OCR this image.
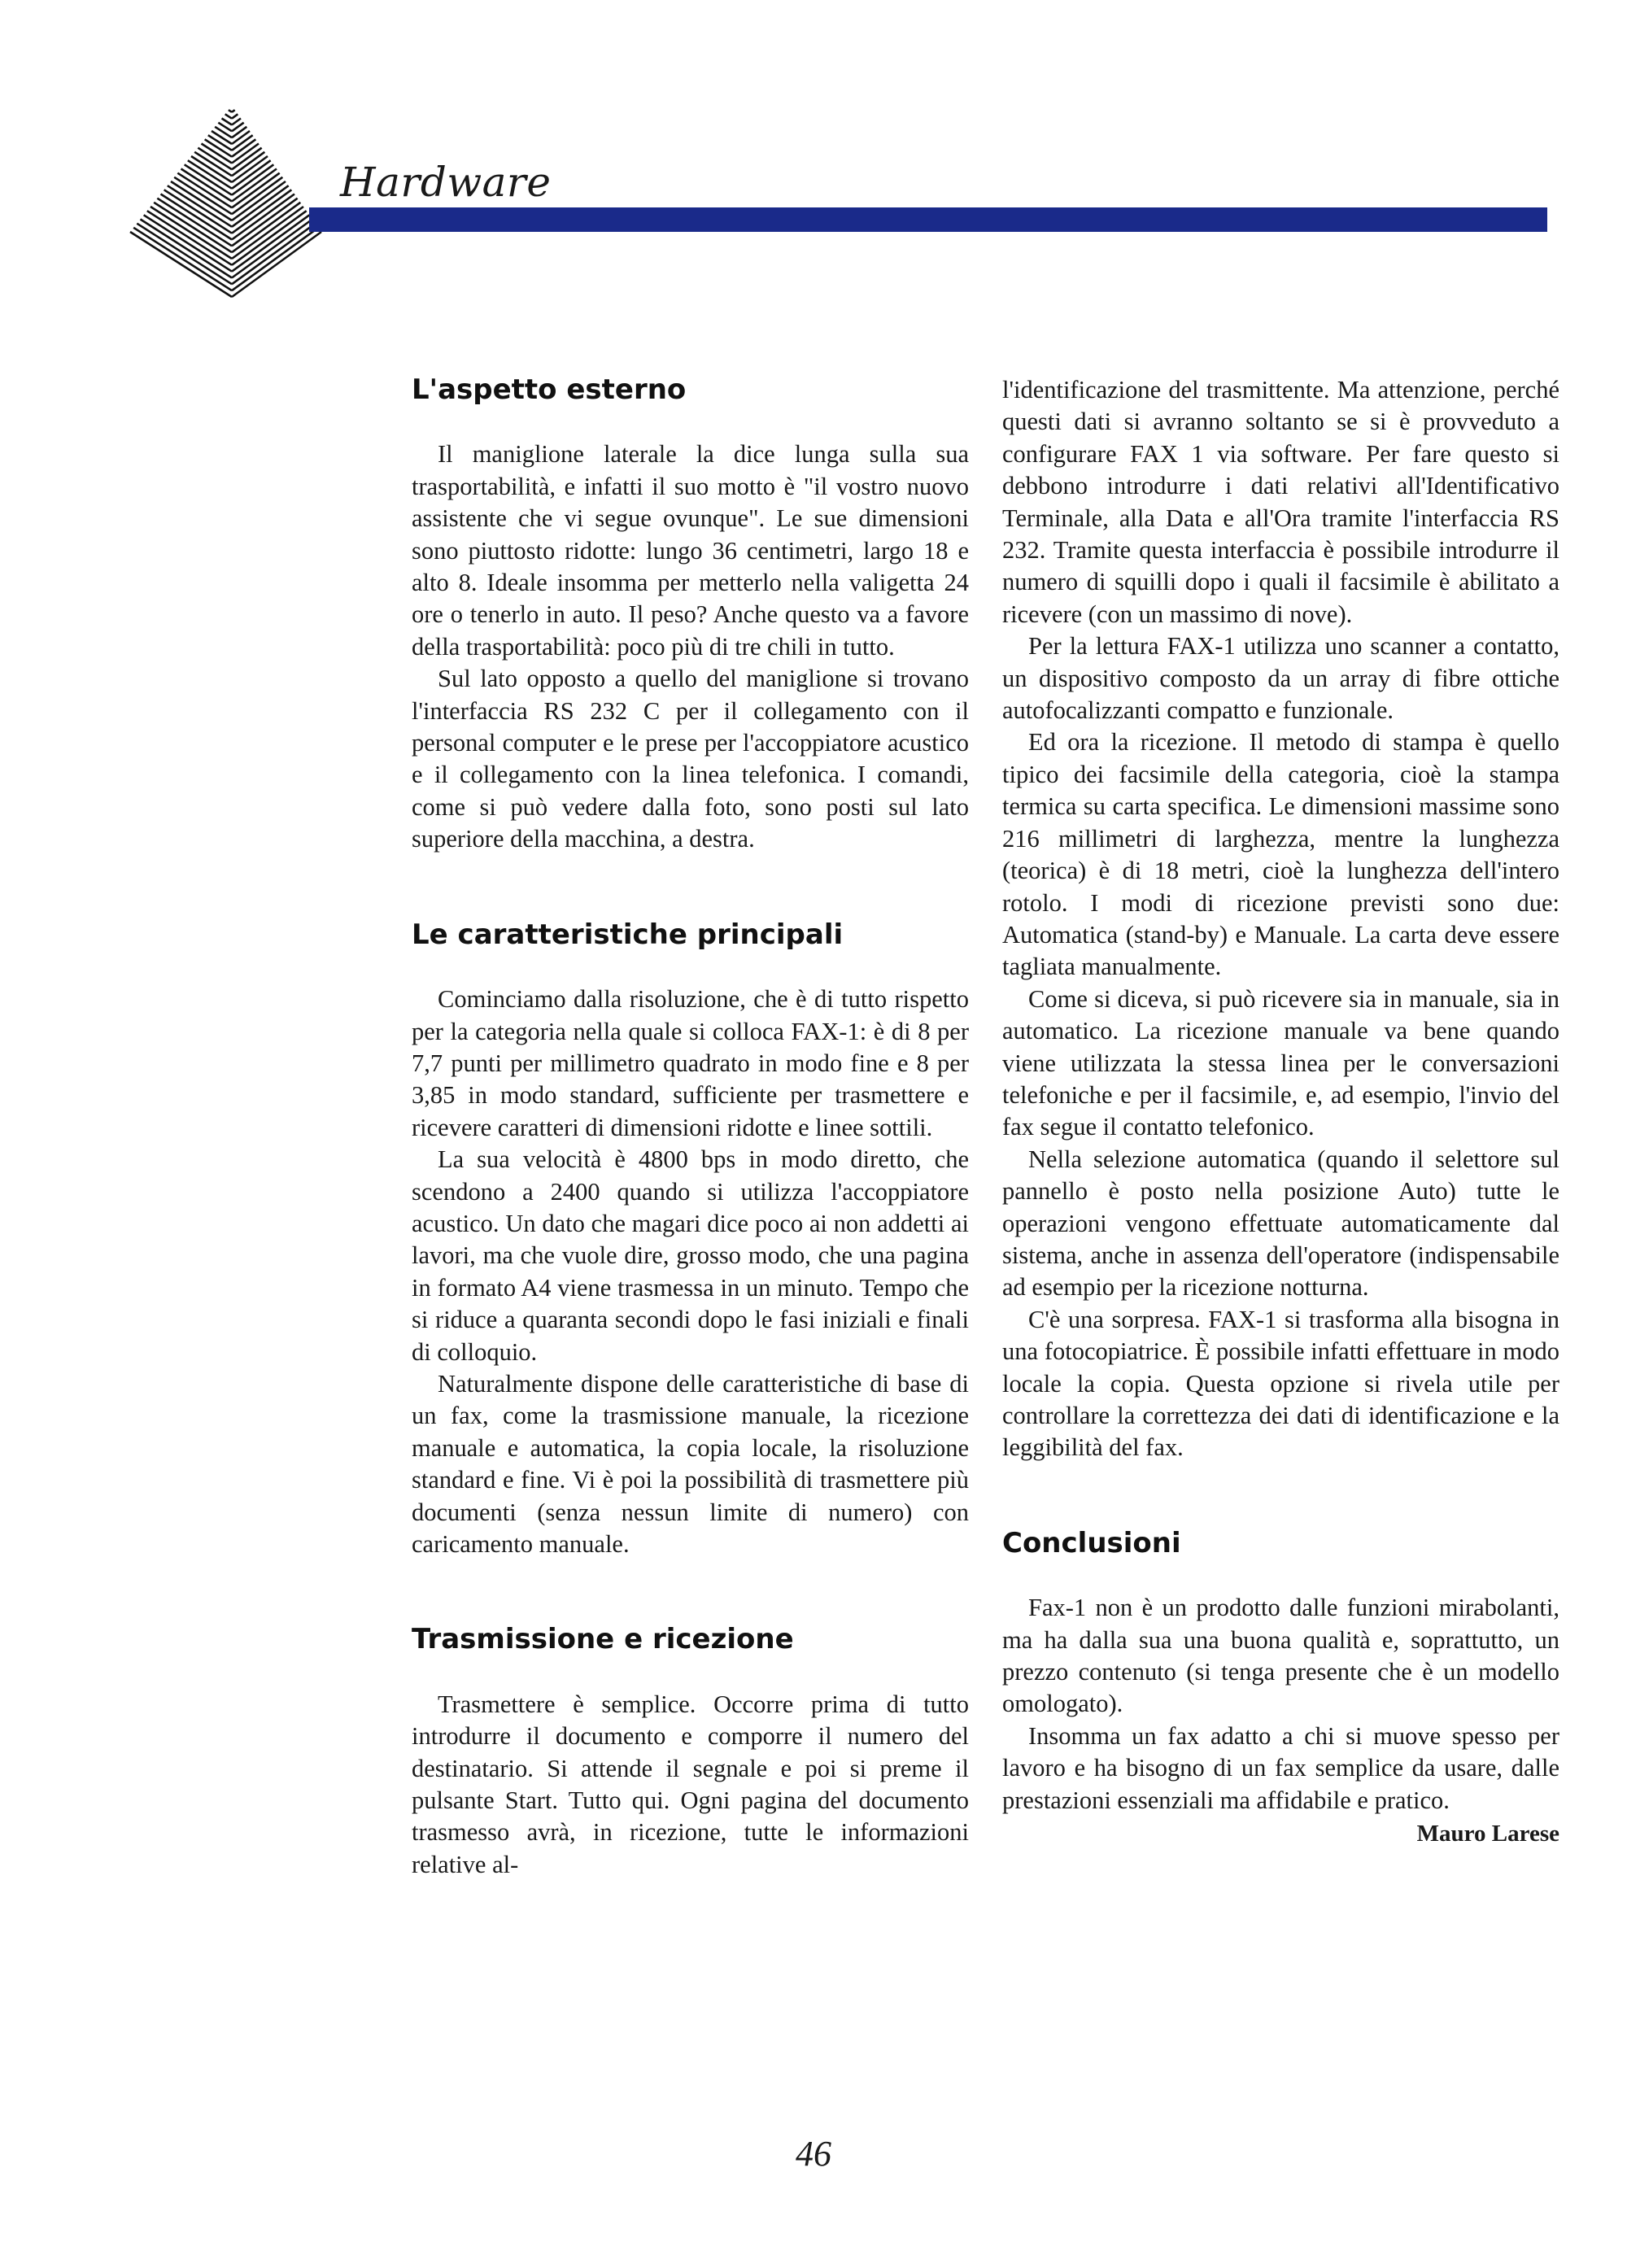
Hardware
L'aspetto esterno

Il maniglione laterale la dice lunga sulla sua trasportabilità, e infatti il suo motto è "il vostro nuovo assistente che vi segue ovunque". Le sue dimensioni sono piuttosto ridotte: lungo 36 centimetri, largo 18 e alto 8. Ideale insomma per metterlo nella valigetta 24 ore o tenerlo in auto. Il peso? Anche questo va a favore della trasportabilità: poco più di tre chili in tutto.

Sul lato opposto a quello del maniglione si trovano l'interfaccia RS 232 C per il collegamento con il personal computer e le prese per l'accoppiatore acustico e il collegamento con la linea telefonica. I comandi, come si può vedere dalla foto, sono posti sul lato superiore della macchina, a destra.

Le caratteristiche principali

Cominciamo dalla risoluzione, che è di tutto rispetto per la categoria nella quale si colloca FAX-1: è di 8 per 7,7 punti per millimetro quadrato in modo fine e 8 per 3,85 in modo standard, sufficiente per trasmettere e ricevere caratteri di dimensioni ridotte e linee sottili.

La sua velocità è 4800 bps in modo diretto, che scendono a 2400 quando si utilizza l'accoppiatore acustico. Un dato che magari dice poco ai non addetti ai lavori, ma che vuole dire, grosso modo, che una pagina in formato A4 viene trasmessa in un minuto. Tempo che si riduce a quaranta secondi dopo le fasi iniziali e finali di colloquio.

Naturalmente dispone delle caratteristiche di base di un fax, come la trasmissione manuale, la ricezione manuale e automatica, la copia locale, la risoluzione standard e fine. Vi è poi la possibilità di trasmettere più documenti (senza nessun limite di numero) con caricamento manuale.

Trasmissione e ricezione

Trasmettere è semplice. Occorre prima di tutto introdurre il documento e comporre il numero del destinatario. Si attende il segnale e poi si preme il pulsante Start. Tutto qui. Ogni pagina del documento trasmesso avrà, in ricezione, tutte le informazioni relative al-

l'identificazione del trasmittente. Ma attenzione, perché questi dati si avranno soltanto se si è provveduto a configurare FAX 1 via software. Per fare questo si debbono introdurre i dati relativi all'Identificativo Terminale, alla Data e all'Ora tramite l'interfaccia RS 232. Tramite questa interfaccia è possibile introdurre il numero di squilli dopo i quali il facsimile è abilitato a ricevere (con un massimo di nove).

Per la lettura FAX-1 utilizza uno scanner a contatto, un dispositivo composto da un array di fibre ottiche autofocalizzanti compatto e funzionale.

Ed ora la ricezione. Il metodo di stampa è quello tipico dei facsimile della categoria, cioè la stampa termica su carta specifica. Le dimensioni massime sono 216 millimetri di larghezza, mentre la lunghezza (teorica) è di 18 metri, cioè la lunghezza dell'intero rotolo. I modi di ricezione previsti sono due: Automatica (stand-by) e Manuale. La carta deve essere tagliata manualmente.

Come si diceva, si può ricevere sia in manuale, sia in automatico. La ricezione manuale va bene quando viene utilizzata la stessa linea per le conversazioni telefoniche e per il facsimile, e, ad esempio, l'invio del fax segue il contatto telefonico.

Nella selezione automatica (quando il selettore sul pannello è posto nella posizione Auto) tutte le operazioni vengono effettuate automaticamente dal sistema, anche in assenza dell'operatore (indispensabile ad esempio per la ricezione notturna.

C'è una sorpresa. FAX-1 si trasforma alla bisogna in una fotocopiatrice. È possibile infatti effettuare in modo locale la copia. Questa opzione si rivela utile per controllare la correttezza dei dati di identificazione e la leggibilità del fax.

Conclusioni

Fax-1 non è un prodotto dalle funzioni mirabolanti, ma ha dalla sua una buona qualità e, soprattutto, un prezzo contenuto (si tenga presente che è un modello omologato).

Insomma un fax adatto a chi si muove spesso per lavoro e ha bisogno di un fax semplice da usare, dalle prestazioni essenziali ma affidabile e pratico.

Mauro Larese
46
